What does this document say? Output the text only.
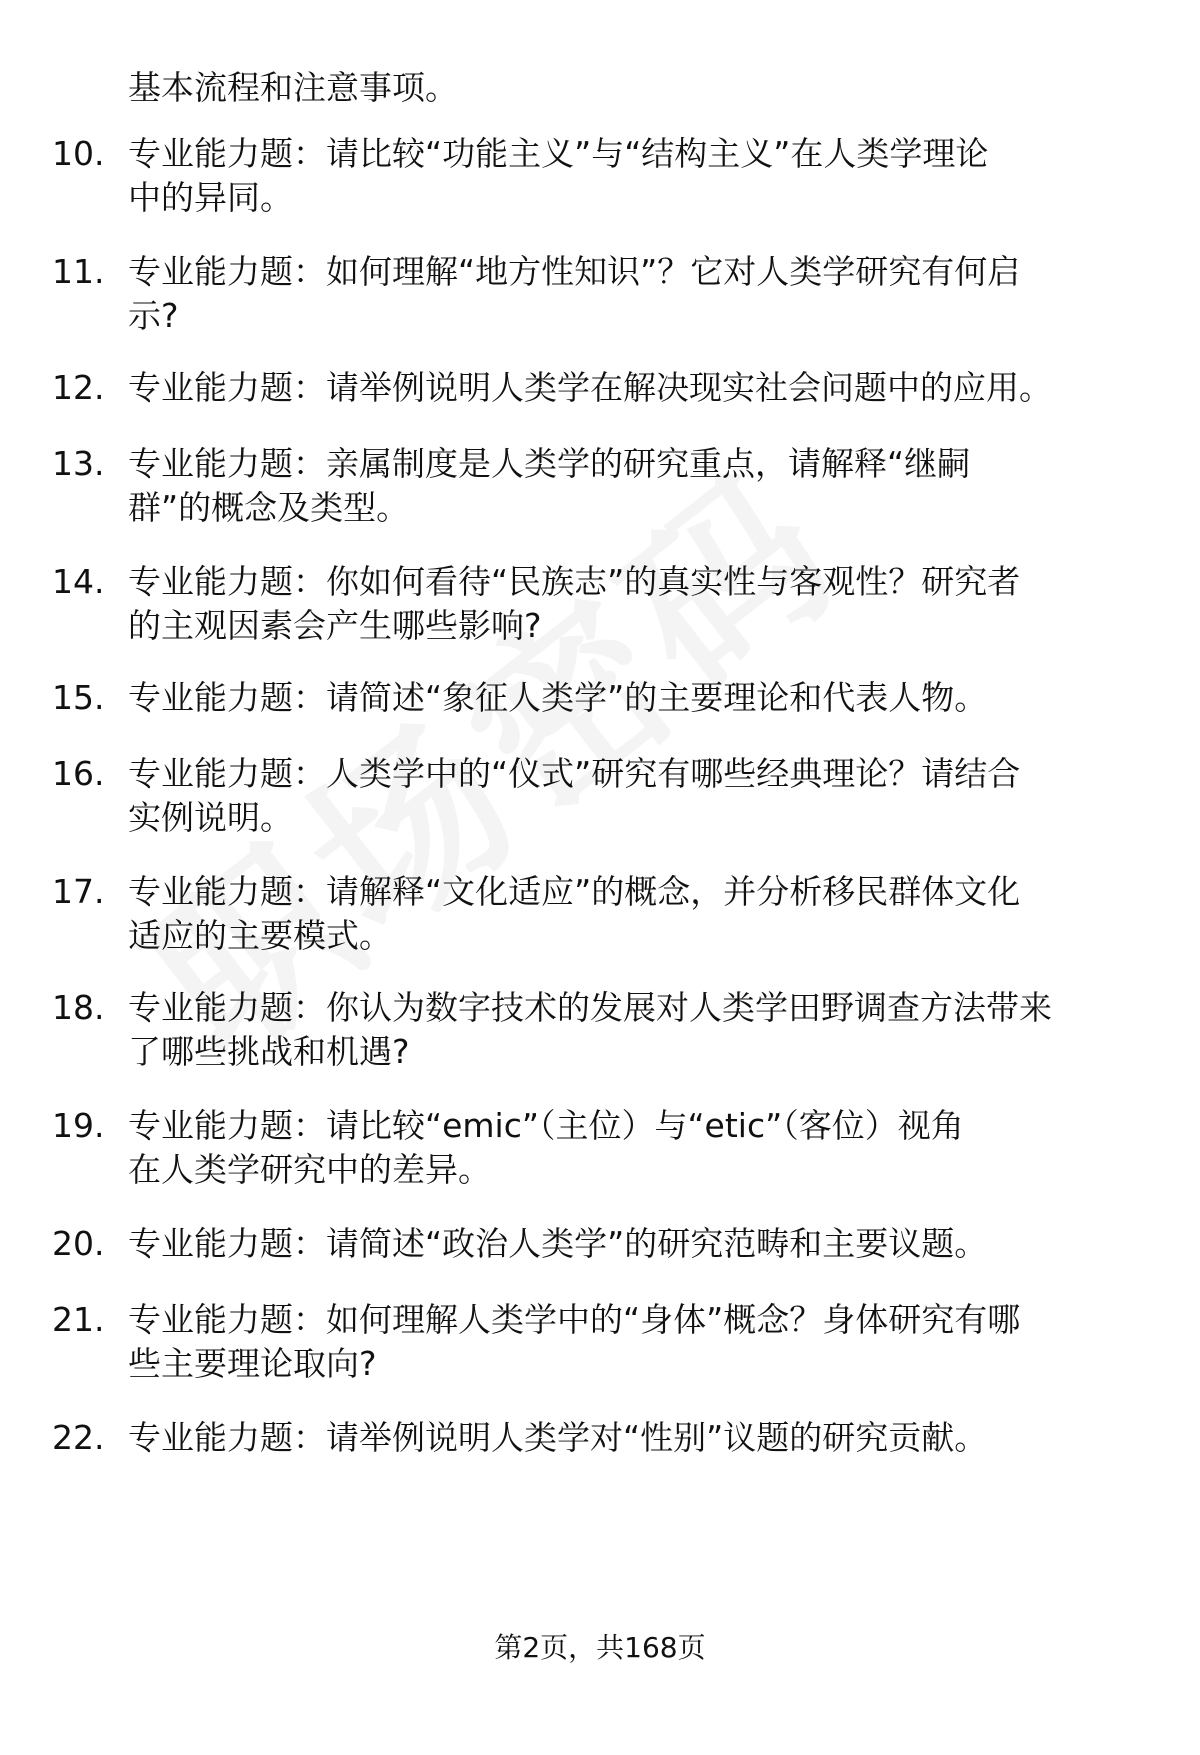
基本流程和注意事项。
10. 专业能力题：请比较“功能主义”与“结构主义”在人类学理论
中的异同。
11. 专业能力题：如何理解“地方性知识”？它对人类学研究有何启
示?
12. 专业能力题：请举例说明人类学在解决现实社会问题中的应用。
13. 专业能力题：亲属制度是人类学的研究重点，请解释“继嗣
群”的概念及类型。
14. 专业能力题：你如何看待“民族志”的真实性与客观性？研究者
的主观因素会产生哪些影响?
15. 专业能力题：请简述“象征人类学”的主要理论和代表人物。
16. 专业能力题：人类学中的“仪式”研究有哪些经典理论？请结合
实例说明。
17. 专业能力题：请解释“文化适应”的概念，并分析移民群体文化
适应的主要模式。
18. 专业能力题：你认为数字技术的发展对人类学田野调查方法带来
了哪些挑战和机遇?
19. 专业能力题：请比较“emic”（主位）与“etic”（客位）视角
在人类学研究中的差异。
20. 专业能力题：请简述“政治人类学”的研究范畴和主要议题。
21. 专业能力题：如何理解人类学中的“身体”概念？身体研究有哪
些主要理论取向?
22. 专业能力题：请举例说明人类学对“性别”议题的研究贡献。
第2页，共168页
